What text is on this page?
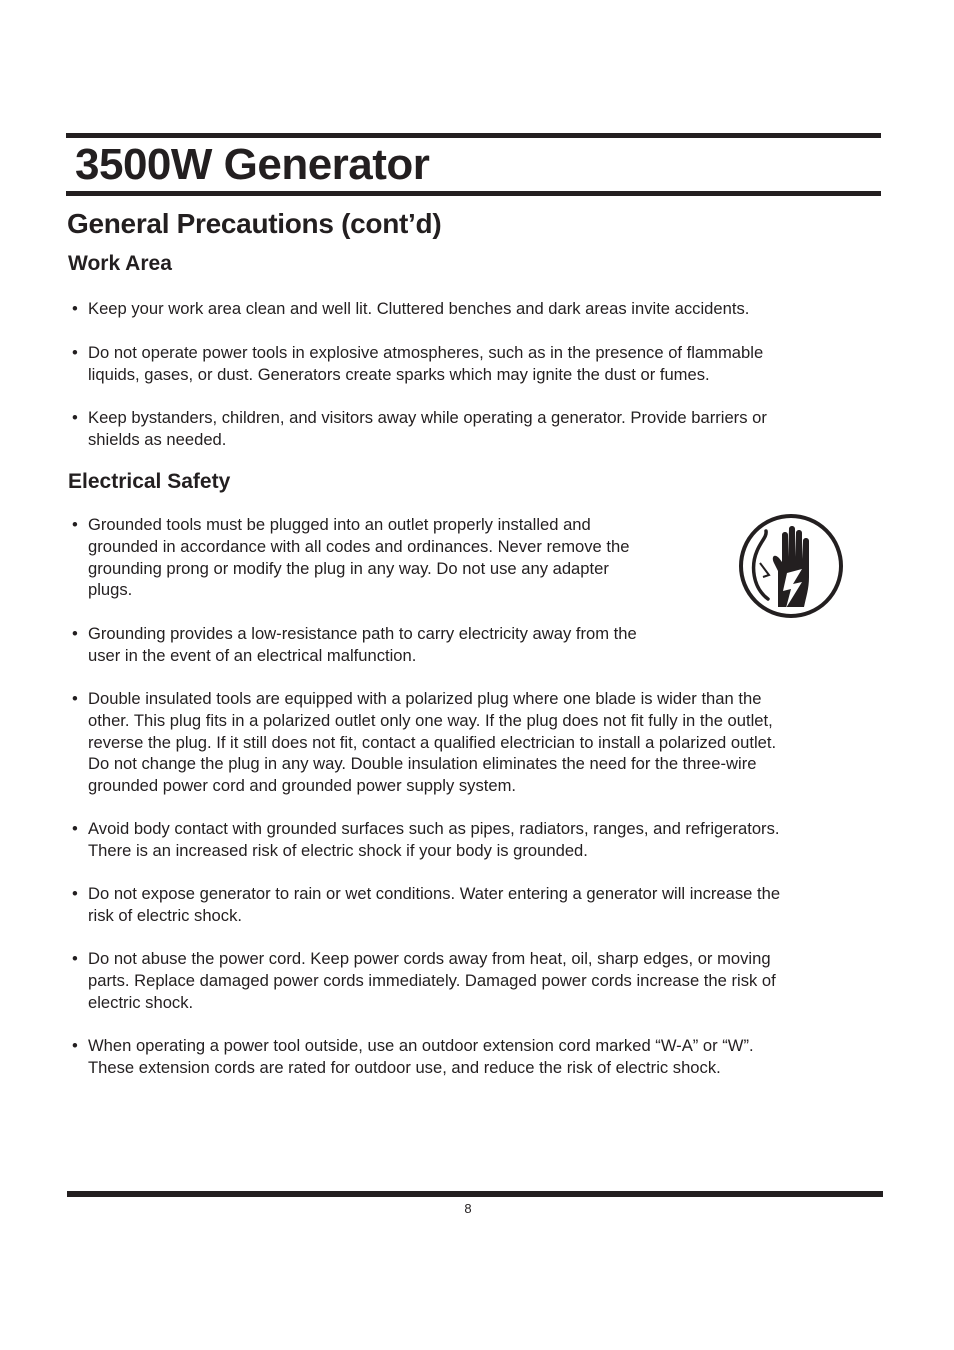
3500W Generator
General Precautions (cont’d)
Work Area

• Keep your work area clean and well lit. Cluttered benches and dark areas invite accidents.

• Do not operate power tools in explosive atmospheres, such as in the presence of flammable
liquids, gases, or dust. Generators create sparks which may ignite the dust or fumes.

• Keep bystanders, children, and visitors away while operating a generator. Provide barriers or
shields as needed.

Electrical Safety

• Grounded tools must be plugged into an outlet properly installed and
grounded in accordance with all codes and ordinances. Never remove the
grounding prong or modify the plug in any way. Do not use any adapter
plugs.

• Grounding provides a low-resistance path to carry electricity away from the
user in the event of an electrical malfunction.

• Double insulated tools are equipped with a polarized plug where one blade is wider than the
other. This plug fits in a polarized outlet only one way. If the plug does not fit fully in the outlet,
reverse the plug. If it still does not fit, contact a qualified electrician to install a polarized outlet.
Do not change the plug in any way. Double insulation eliminates the need for the three-wire
grounded power cord and grounded power supply system.

• Avoid body contact with grounded surfaces such as pipes, radiators, ranges, and refrigerators.
There is an increased risk of electric shock if your body is grounded.

• Do not expose generator to rain or wet conditions. Water entering a generator will increase the
risk of electric shock.

• Do not abuse the power cord. Keep power cords away from heat, oil, sharp edges, or moving
parts. Replace damaged power cords immediately. Damaged power cords increase the risk of
electric shock.

• When operating a power tool outside, use an outdoor extension cord marked “W-A” or “W”.
These extension cords are rated for outdoor use, and reduce the risk of electric shock.

8
